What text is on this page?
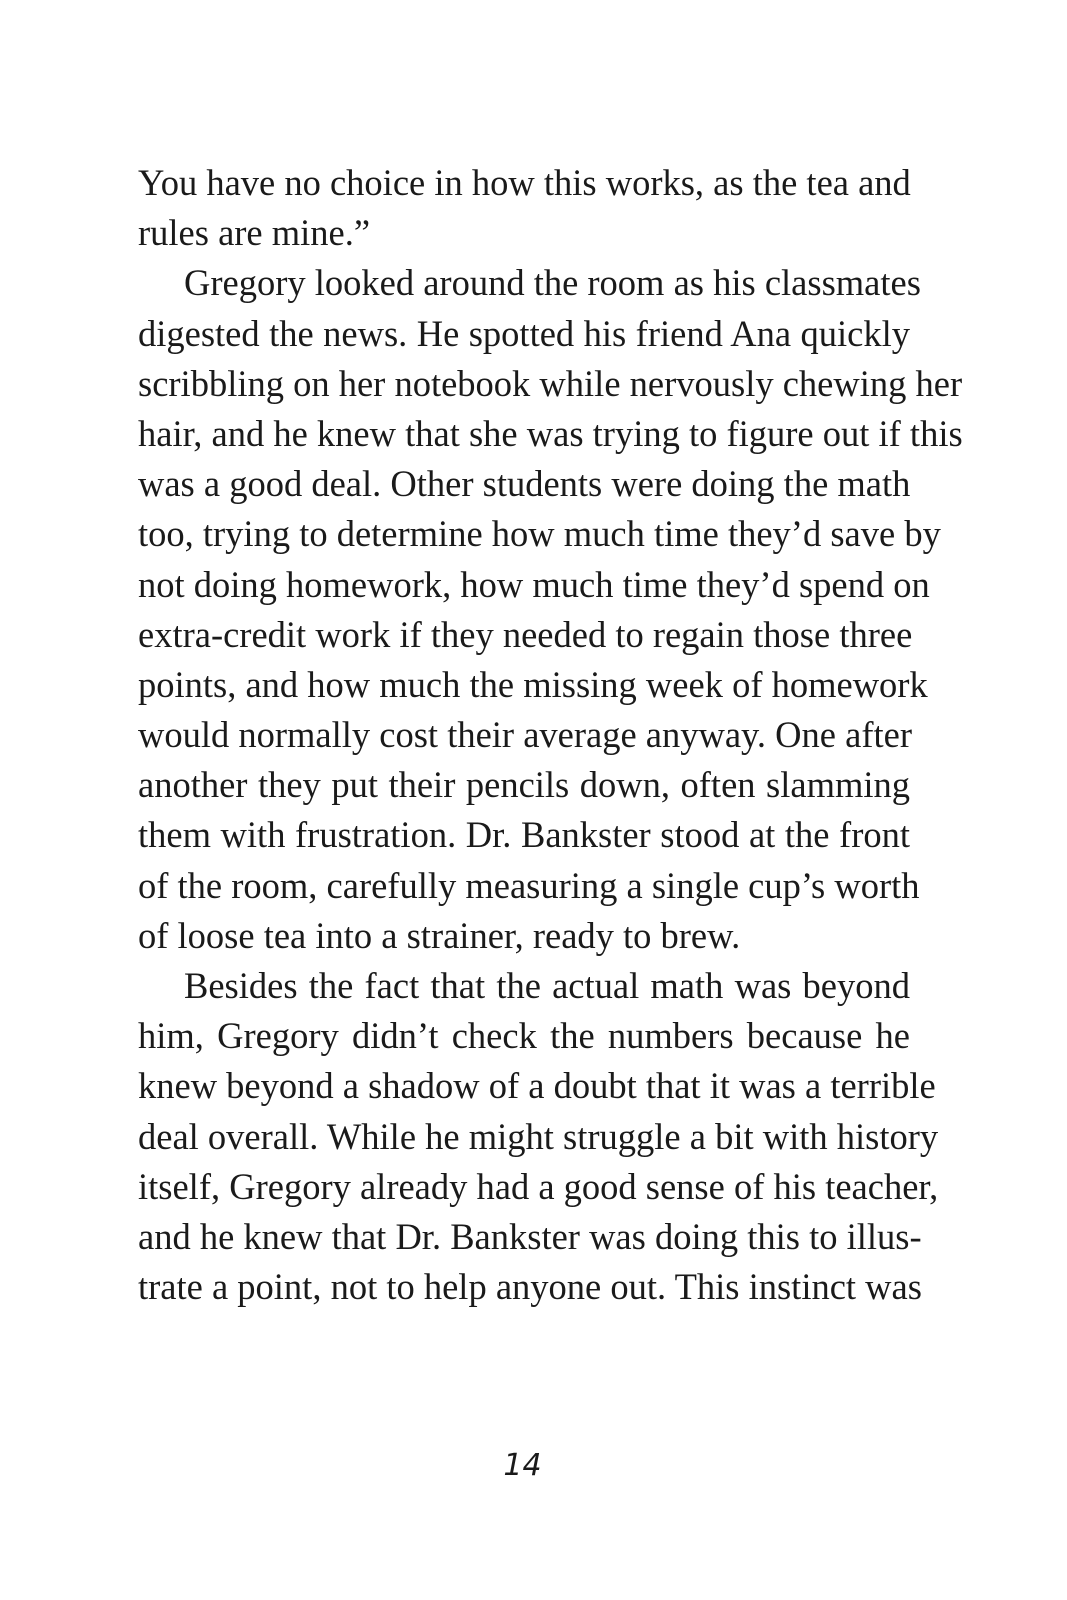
You have no choice in how this works, as the tea and
rules are mine.”
Gregory looked around the room as his classmates
digested the news. He spotted his friend Ana quickly
scribbling on her notebook while nervously chewing her
hair, and he knew that she was trying to figure out if this
was a good deal. Other students were doing the math
too, trying to determine how much time they’d save by
not doing homework, how much time they’d spend on
extra-credit work if they needed to regain those three
points, and how much the missing week of homework
would normally cost their average anyway. One after
another they put their pencils down, often slamming
them with frustration. Dr. Bankster stood at the front
of the room, carefully measuring a single cup’s worth
of loose tea into a strainer, ready to brew.
Besides the fact that the actual math was beyond
him, Gregory didn’t check the numbers because he
knew beyond a shadow of a doubt that it was a terrible
deal overall. While he might struggle a bit with history
itself, Gregory already had a good sense of his teacher,
and he knew that Dr. Bankster was doing this to illus-
trate a point, not to help anyone out. This instinct was
14
